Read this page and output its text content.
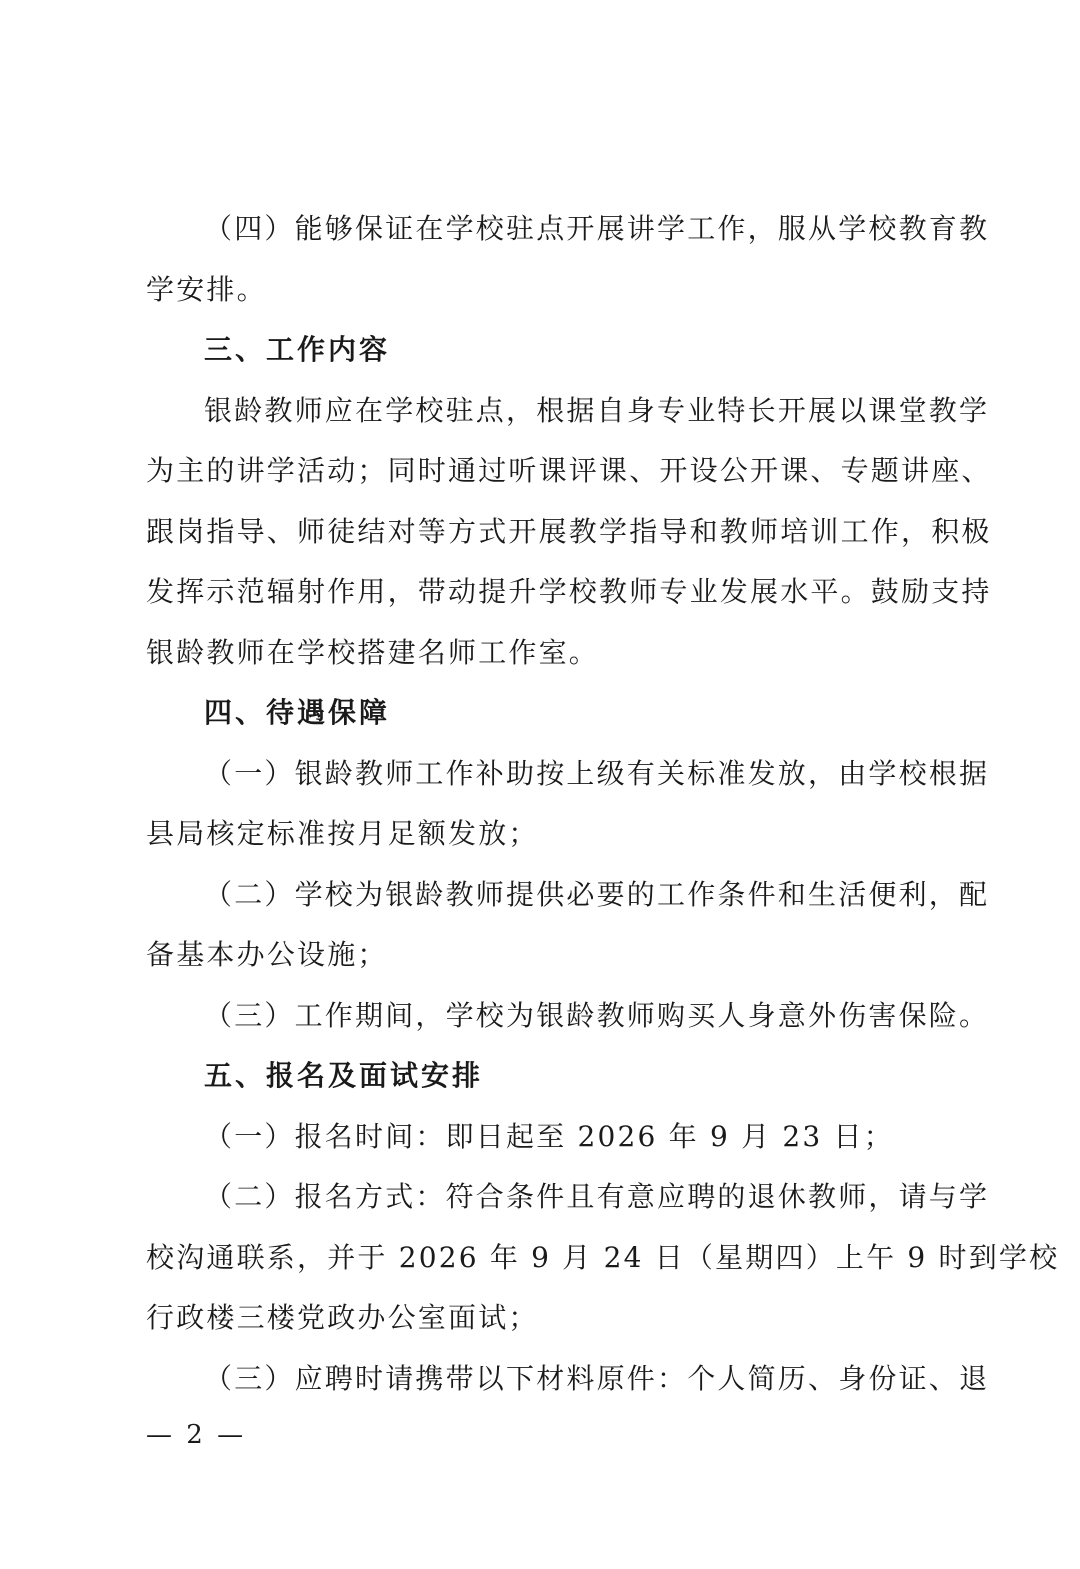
（四）能够保证在学校驻点开展讲学工作，服从学校教育教
学安排。
三、工作内容
银龄教师应在学校驻点，根据自身专业特长开展以课堂教学
为主的讲学活动；同时通过听课评课、开设公开课、专题讲座、
跟岗指导、师徒结对等方式开展教学指导和教师培训工作，积极
发挥示范辐射作用，带动提升学校教师专业发展水平。鼓励支持
银龄教师在学校搭建名师工作室。
四、待遇保障
（一）银龄教师工作补助按上级有关标准发放，由学校根据
县局核定标准按月足额发放；
（二）学校为银龄教师提供必要的工作条件和生活便利，配
备基本办公设施；
（三）工作期间，学校为银龄教师购买人身意外伤害保险。
五、报名及面试安排
（一）报名时间：即日起至 2026 年 9 月 23 日；
（二）报名方式：符合条件且有意应聘的退休教师，请与学
校沟通联系，并于 2026 年 9 月 24 日（星期四）上午 9 时到学校
行政楼三楼党政办公室面试；
（三）应聘时请携带以下材料原件：个人简历、身份证、退
— 2 —
